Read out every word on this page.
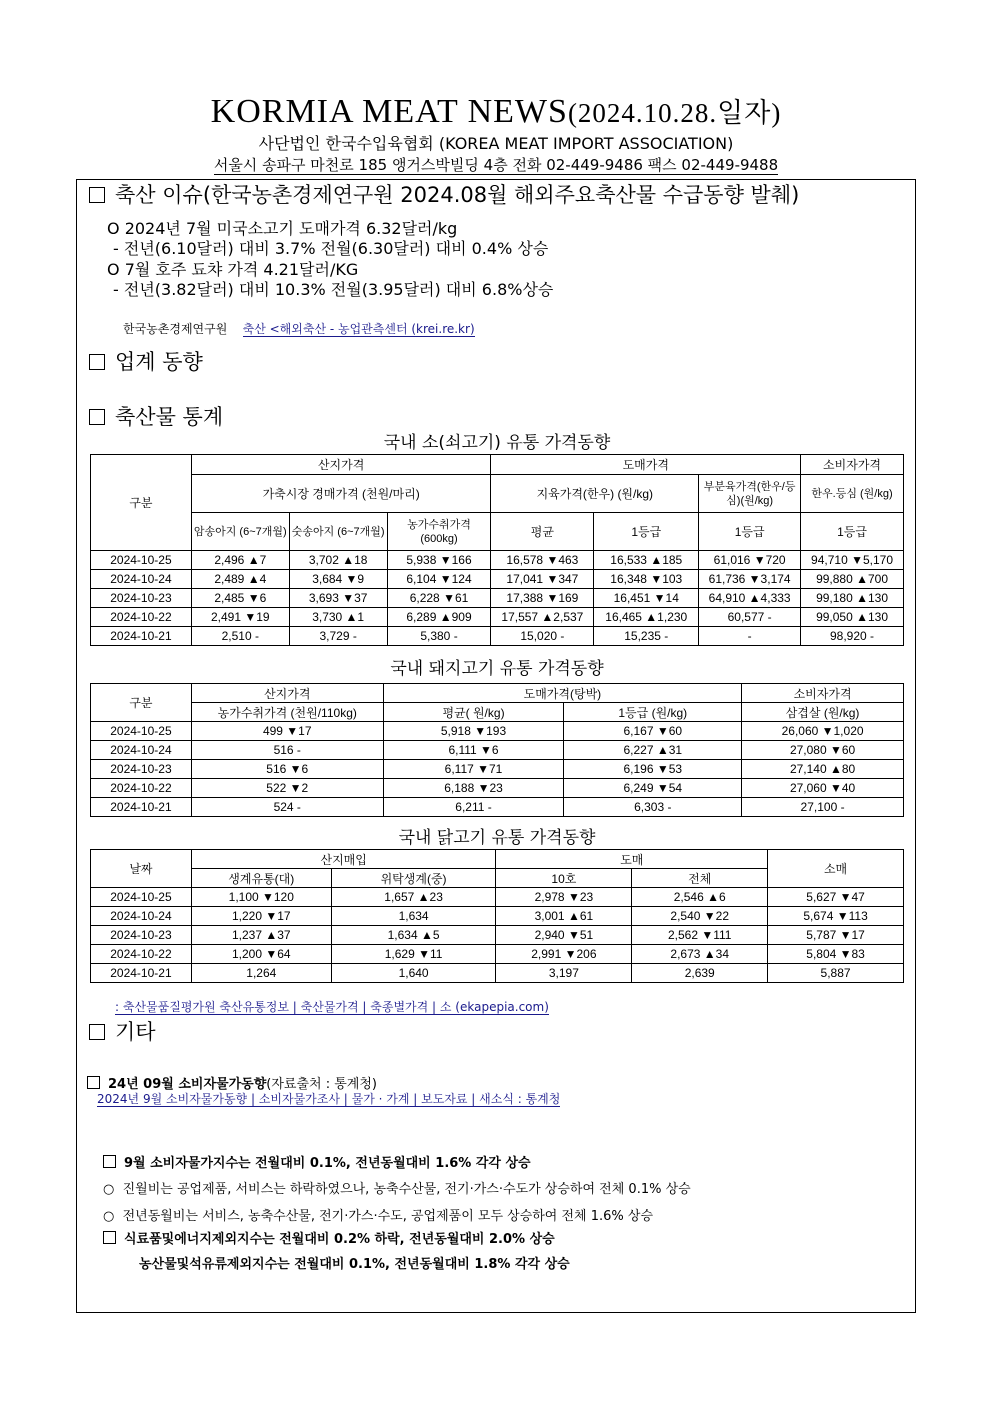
KORMIA MEAT NEWS(2024.10.28.일자)
사단법인 한국수입육협회 (KOREA MEAT IMPORT ASSOCIATION)
서울시 송파구 마천로 185 앵거스박빌딩 4층 전화 02-449-9486 팩스 02-449-9488
축산 이슈(한국농촌경제연구원 2024.08월 해외주요축산물 수급동향 발췌)
O 2024년 7월 미국소고기 도매가격 6.32달러/kg
- 전년(6.10달러) 대비 3.7% 전월(6.30달러) 대비 0.4% 상승
O 7월 호주 됴챠 가격 4.21달러/KG
- 전년(3.82달러) 대비 10.3% 전월(3.95달러) 대비 6.8%상승
한국농촌경제연구원 축산 <해외축산 - 농업관측센터 (krei.re.kr)
업계 동향
축산물 통계
국내 소(쇠고기) 유통 가격동향
구분	산지가격			도매가격			소비자가격
	가축시장 경매가격 (천원/마리)			지육가격(한우) (원/kg)		부분육가격(한우/등심)(원/kg)	한우.등심 (원/kg)
	암송아지 (6~7개월)	숫송아지 (6~7개월)	농가수취가격 (600kg)	평균	1등급	1등급	1등급
2024-10-25	2,496 ▲7	3,702 ▲18	5,938 ▼166	16,578 ▼463	16,533 ▲185	61,016 ▼720	94,710 ▼5,170
2024-10-24	2,489 ▲4	3,684 ▼9	6,104 ▼124	17,041 ▼347	16,348 ▼103	61,736 ▼3,174	99,880 ▲700
2024-10-23	2,485 ▼6	3,693 ▼37	6,228 ▼61	17,388 ▼169	16,451 ▼14	64,910 ▲4,333	99,180 ▲130
2024-10-22	2,491 ▼19	3,730 ▲1	6,289 ▲909	17,557 ▲2,537	16,465 ▲1,230	60,577 -	99,050 ▲130
2024-10-21	2,510 -	3,729 -	5,380 -	15,020 -	15,235 -	-	98,920 -
국내 돼지고기 유통 가격동향
구분	산지가격	도매가격(탕박)		소비자가격
	농가수취가격 (천원/110kg)	평균( 원/kg)	1등급 (원/kg)	삼겹살 (원/kg)
2024-10-25	499 ▼17	5,918 ▼193	6,167 ▼60	26,060 ▼1,020
2024-10-24	516 -	6,111 ▼6	6,227 ▲31	27,080 ▼60
2024-10-23	516 ▼6	6,117 ▼71	6,196 ▼53	27,140 ▲80
2024-10-22	522 ▼2	6,188 ▼23	6,249 ▼54	27,060 ▼40
2024-10-21	524 -	6,211 -	6,303 -	27,100 -
국내 닭고기 유통 가격동향
날짜	산지매입		도매		소매
	생계유통(대)	위탁생계(중)	10호	전체	
2024-10-25	1,100 ▼120	1,657 ▲23	2,978 ▼23	2,546 ▲6	5,627 ▼47
2024-10-24	1,220 ▼17	1,634	3,001 ▲61	2,540 ▼22	5,674 ▼113
2024-10-23	1,237 ▲37	1,634 ▲5	2,940 ▼51	2,562 ▼111	5,787 ▼17
2024-10-22	1,200 ▼64	1,629 ▼11	2,991 ▼206	2,673 ▲34	5,804 ▼83
2024-10-21	1,264	1,640	3,197	2,639	5,887
: 축산물품질평가원 축산유통정보 | 축산물가격 | 축종별가격 | 소 (ekapepia.com)
기타
24년 09월 소비자물가동향(자료출처 : 통계청)
2024년 9월 소비자물가동향 | 소비자물가조사 | 물가 · 가계 | 보도자료 | 새소식 : 통계청
9월 소비자물가지수는 전월대비 0.1%, 전년동월대비 1.6% 각각 상승
○ 진월비는 공업제품, 서비스는 하락하였으나, 농축수산물, 전기·가스·수도가 상승하여 전체 0.1% 상승
○ 전년동월비는 서비스, 농축수산물, 전기·가스·수도, 공업제품이 모두 상승하여 전체 1.6% 상승
식료품및에너지제외지수는 전월대비 0.2% 하락, 전년동월대비 2.0% 상승
농산물및석유류제외지수는 전월대비 0.1%, 전년동월대비 1.8% 각각 상승
